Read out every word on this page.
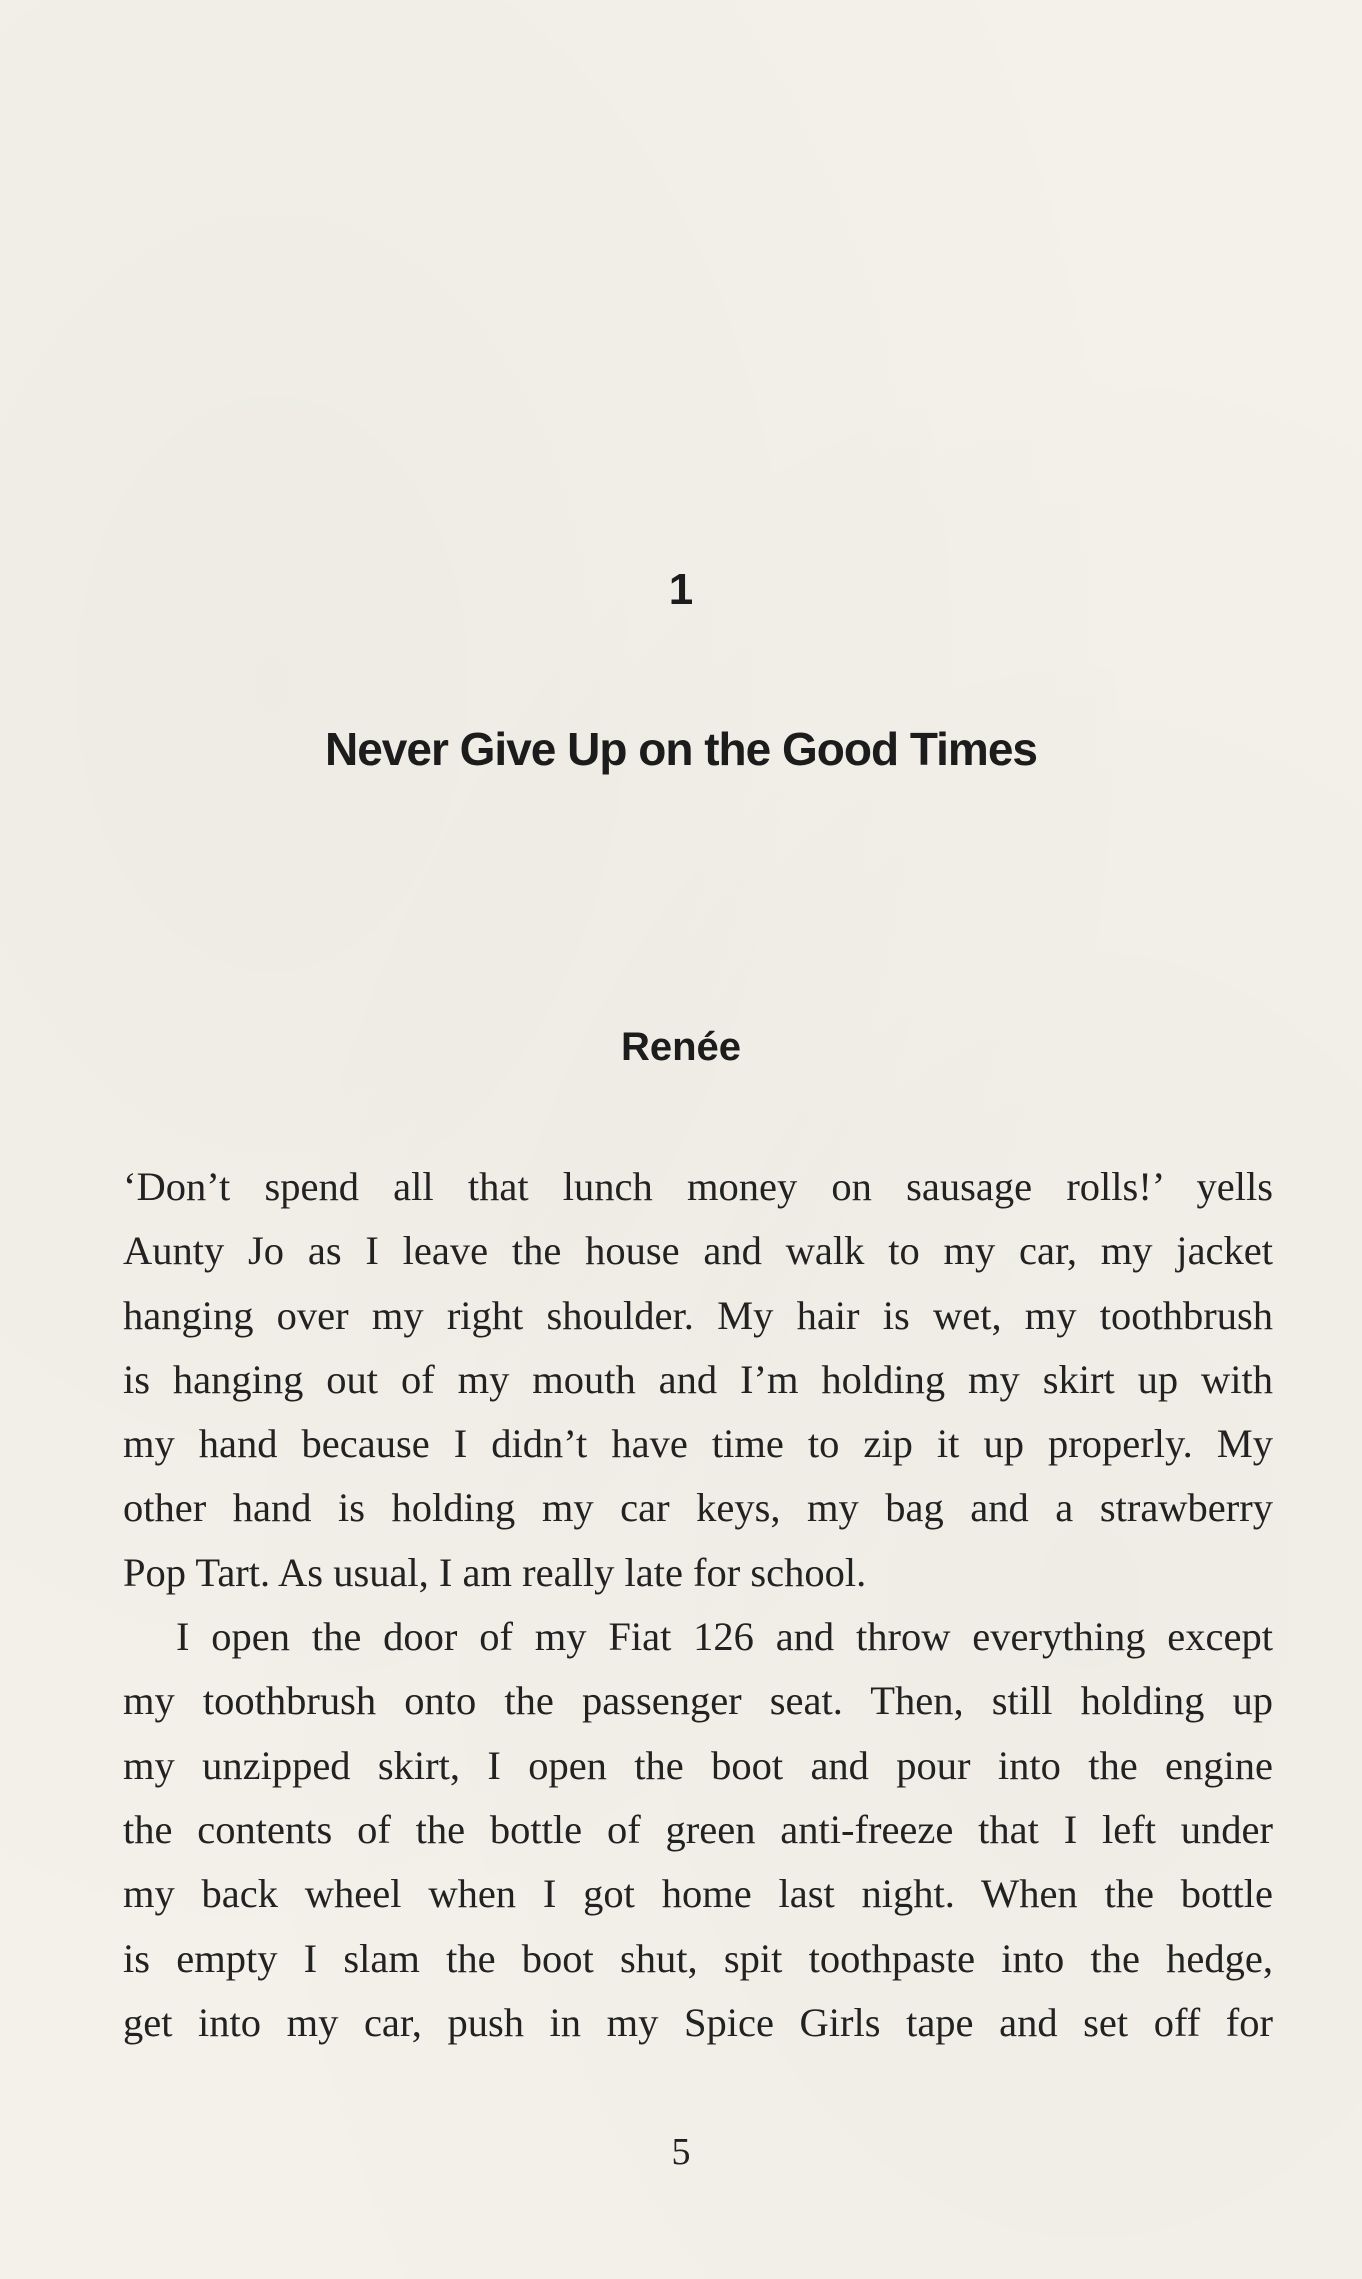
1
Never Give Up on the Good Times
Renée

‘Don’t spend all that lunch money on sausage rolls!’ yells
Aunty Jo as I leave the house and walk to my car, my jacket
hanging over my right shoulder. My hair is wet, my toothbrush
is hanging out of my mouth and I’m holding my skirt up with
my hand because I didn’t have time to zip it up properly. My
other hand is holding my car keys, my bag and a strawberry
Pop Tart. As usual, I am really late for school.

I open the door of my Fiat 126 and throw everything except
my toothbrush onto the passenger seat. Then, still holding up
my unzipped skirt, I open the boot and pour into the engine
the contents of the bottle of green anti-freeze that I left under
my back wheel when I got home last night. When the bottle
is empty I slam the boot shut, spit toothpaste into the hedge,
get into my car, push in my Spice Girls tape and set off for

5
